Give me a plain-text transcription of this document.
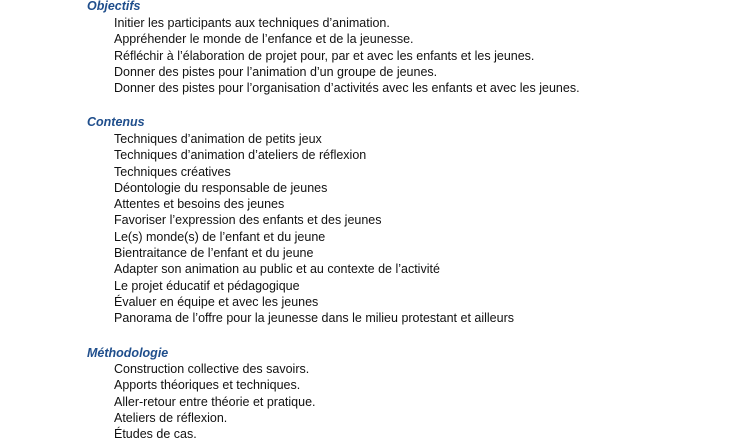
Objectifs
Initier les participants aux techniques d’animation.
Appréhender le monde de l’enfance et de la jeunesse.
Réfléchir à l’élaboration de projet pour, par et avec les enfants et les jeunes.
Donner des pistes pour l’animation d’un groupe de jeunes.
Donner des pistes pour l’organisation d’activités avec les enfants et avec les jeunes.
Contenus
Techniques d’animation de petits jeux
Techniques d’animation d’ateliers de réflexion
Techniques créatives
Déontologie du responsable de jeunes
Attentes et besoins des jeunes
Favoriser l’expression des enfants et des jeunes
Le(s) monde(s) de l’enfant et du jeune
Bientraitance de l’enfant et du jeune
Adapter son animation au public et au contexte de l’activité
Le projet éducatif et pédagogique
Évaluer en équipe et avec les jeunes
Panorama de l’offre pour la jeunesse dans le milieu protestant et ailleurs
Méthodologie
Construction collective des savoirs.
Apports théoriques et techniques.
Aller-retour entre théorie et pratique.
Ateliers de réflexion.
Études de cas.
